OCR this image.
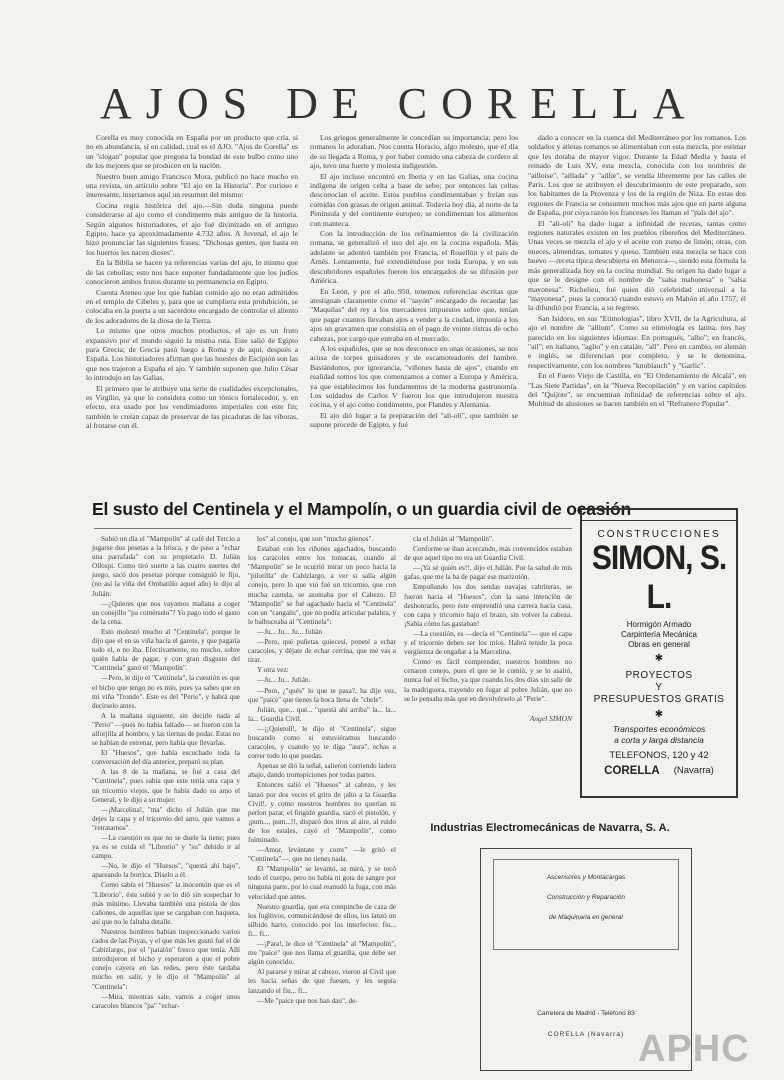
AJOS DE CORELLA

Corella es muy conocida en España por un producto que cría, si no en abundancia, sí en calidad, cual es el AJO. "Ajos de Corella" es un "slogan" popular que pregona la bondad de este bulbo como uno de los mejores que se producen en la nación.

Nuestro buen amigo Francisco Mora, publicó no hace mucho en una revista, un artículo sobre "El ajo en la Historia". Por curioso e interesante, insertamos aquí un resumen del mismo:

Cocina regia histórica del ajo.—Sin duda ninguna puede considerarse al ajo como el condimento más antiguo de la historia. Según algunos historiadores, el ajo fué divinizado en el antiguo Egipto, hace ya aproximadamente 4.732 años. A Juvenal, el ajo le hizo pronunciar las siguientes frases: "Dichosas gentes, que hasta en los huertos les nacen dioses".

En la Biblia se hacen ya referencias varias del ajo, lo mismo que de las cebollas; esto nos hace suponer fundadamente que los judíos conocieron ambos frutos durante su permanencia en Egipto.

Cuenta Ateneo que los que habían comido ajo no eran admitidos en el templo de Cibeles y, para que se cumpliera esta prohibición, se colocaba en la puerta a un sacerdote encargado de controlar el aliento de los adoradores de la diosa de la Tierra.

Lo mismo que otros muchos productos, el ajo es un fruto expansivo por el mundo siguió la misma ruta. Este salió de Egipto para Grecia; de Grecia pasó luego a Roma y de aquí, después a España. Los historiadores afirman que las huestes de Escipión son las que nos trajeron a España el ajo. Y también suponen que Julio César lo introdujo en las Galias.

El primero que le atribuye una serie de cualidades excepcionales, es Virgilio, ya que lo considera como un tónico fortalecedor, y, en efecto, era usado por los vendimiadores imperiales con este fin; también le creían capaz de preservar de las picaduras de las víboras, al frotarse con él.

Los griegos generalmente le concedían su importancia; pero los romanos lo adoraban. Nos cuenta Horacio, algo molesto, que el día de su llegada a Roma, y por haber comido una cabeza de cordero al ajo, tuvo una fuerte y molesta indigestión.

El ajo incluso encontró en Iberia y en las Galias, una cocina indígena de origen celta a base de sebo; por entonces las celtas desconocían el aceite. Estos pueblos condimentaban y freían sus comidas con grasas de origen animal. Todavía hoy día, al norte de la Península y del continente europeo, se condimentan los alimentos con manteca.

Con la introducción de los refinamientos de la civilización romana, se generalizó el uso del ajo en la cocina española. Más adelante se adentró también por Francia, el Rosellón y el país de Arnés. Lentamente, fué extendiéndose por toda Europa, y en sus descubridores españoles fueron los encargados de su difusión por América.

En León, y por el año 950, tenemos referencias escritas que atestiguan claramente como el "sayón" encargado de recaudar las "Maquilas" del rey a los mercaderes impuestos sobre que, tenían que pagar cuantos llevaban ajos a vender a la ciudad, imponía a los ajos un gravamen que consistía en el pago de veinte ristras de ocho cabezas, por cargo que entraba en el mercado.

A los españoles, que se nos desconoce en unas ocasiones, se nos acusa de torpes guisadores y de escamoteadores del hambre. Bastándonos, por ignorancia, "viñones hasta de ajos", cuando en realidad somos los que comenzamos a comer a Europa y América, ya que establecimos los fundamentos de la moderna gastronomía. Los soldados de Carlos V fueron los que introdujeron nuestra cocina, y el ajo como condimento, por Flandes y Alemania.

El ajo dió lugar a la preparación del "ali-oli", que también se supone procede de Egipto, y fué

dado a conocer en la cuenca del Mediterráneo por los romanos. Los soldados y atletas romanos se alimentaban con esta mezcla, por estimar que les dotaba de mayor vigor. Durante la Edad Media y hasta el reinado de Luis XV, esta mezcla, conocida con los nombres de "ailloise", "aillada" y "aillie", se vendía libremente por las calles de París. Los que se atribuyen el descubrimiento de este preparado, son los habitantes de la Provenza y los de la región de Niza. En estas dos regiones de Francia se consumen muchos más ajos que en parte alguna de España, por cuya razón los franceses les llaman el "país del ajo".

El "ali-oli" ha dado lugar a infinidad de recetas, tantas como regiones naturales existen en los pueblos ribereños del Mediterráneo. Unas veces se mezcla el ajo y el aceite con zumo de limón; otras, con nueces, almendras, tomates y queso. También esta mezcla se hace con huevo —receta típica descubierta en Menorca—, siendo esta fórmula la más generalizada hoy en la cocina mundial. Su origen ha dado lugar a que se le designe con el nombre de "salsa mahonesa" o "salsa mayonesa". Richelieu, fué quien dió celebridad universal a la "mayonesa", pues la conoció cuando estuvo en Mahón el año 1757; él la difundió por Francia, a su regreso.

San Isidoro, en sus "Etimologías", libro XVII, de la Agricultura, al ajo el nombre de "allium". Como su etimología es latina, nos hay parecido en los siguientes idiomas: En portugués, "alho"; en francés, "ail"; en italiano, "aglio" y en catalán, "all". Pero en cambio, en alemán e inglés, se diferencian por completo, y se le denomina, respectivamente, con los nombres "knoblauch" y "Garlic".

En el Fuero Viejo de Castilla, en "El Ordenamiento de Alcalá", en "Las Siete Partidas", en la "Nueva Recopilación" y en varios capítulos del "Quijote", se encuentran infinidad de referencias sobre el ajo. Multitud de alusiones se hacen también en el "Refranero Popular".

El susto del Centinela y el Mampolín, o un guardia civil de ocasión

Subió un día el "Mampolín" al café del Tercio a jugarse dos pesetas a la brisca, y de paso a "echar una parrafada" con su propietario D. Julián Ollospi. Como tiró suerte a las cuatro suertes del juego, sacó dos pesetas porque consiguió le fijo, (no así la viña del Ombatillo aquel año) le dijo al Julián:

—¿Quieres que nos vayamos mañana a coger un conejillo "pa comérselo"? Yo pago todo el gasto de la cena.

Esto molestó mucho al "Centinela", porque le dijo que el en su viña hacía el garete, y que pagaría todo el, o no iba. Efectivamente, no mucho, sobre quién había de pagar, y con gran disgusto del "Centinela" ganó el "Mampolín".

—Pero, le dijo el "Centinela", la cuestión es que el bicho que tengo no es mío, pues ya sabes que en mi viña "l'rondo". Este es del "Perio", y habrá que decírselo antes.

A la mañana siguiente, sin decirle nada al "Perio" —pues no había faltado— se fueron con la alforjilla al hombro, y las tiernas de podar. Estas no se habían de estrenar, pero había que llevarlas.

El "Huesos", que había escuchado toda la conversación del día anterior, preparó su plan.

A las 8 de la mañana, se fué a casa del "Centinela", pues sabía que este tenía una capa y un tricornio viejos, que le había dado su amo el General, y le dijo a su mujer:

—¡Marcelina!, "ma" dicho el Julián que me dejes la capa y el tricornio del amo, que vamos a "retratarnos".

—La cuestión es que no se duele la tiene; pues ya es se cuida el "Librorio" y "su" debido ir al campo.

—No, le dijo el "Huesos", "questá ahí bajo", apareando la borrica. Díselo a él.

Como sabía el "Huesos" la inocentón que es el "Librorio", éste subió y se lo dió sin sospechar lo más mínimo. Llevaba también una pistola de dos cañones, de aquellas que se cargaban con baqueta, así que no le faltaba detalle.

Nuestros hombres habían inspeccionado varios cados de las Poyas, y el que más les gustó fué el de Cabizlargo, por el "patalón" fresco que tenía. Allí introdujeron el bicho y esperaron a que el pobre conejo cayera en las redes, pero éste tardaba mucho en salir, y le dijo el "Mampolín" al "Centinela":

—Mira, mientras sale, vamos a coger unos caracoles blancos "pa" "echar-

los" al conejo, que son "mucho güenos".

Estaban con los riñones agachados, buscando los caracoles entre los tomacas, cuando al "Mampolín" se le ocurrió mirar un poco hacia la "pilotilla" de Cabizlargo, a ver si salía algún conejo, pero lo que vió fué un tricornio, que con mucha cautela, se asomaba por el Cabezo. El "Mampolín" se fué agachado hacia el "Centinela" con un "cangalis", que no podía articular palabra, y le balbuceaba al "Centinela":

—Ju... Ju... Ju... Julián

—Pero, qué puñetas quiecesi, poneté a echar caracoles, y déjate de echar cerrina, que me vas a tirar.

Y otra vez:

—Ju... Ju... Julián.

—Pero, ¿"qués" lo que te pasa?, ha dije vez, que "paice" que tienes la boca llena de "chele".

Julián, que... qué... "questá ahí arriba" la... la... la... Guardia Civil.

—¡¡Quietoll!, le dijo el "Centinela", sigue buscando como si estuviéramos buscando caracoles, y cuando yo te diga "aura", echas a correr todo lo que puedas.

Apenas se dió la señal, salieron corriendo ladera abajo, dando tromspiciones por todas partes.

Entonces salió el "Huesos" al cabezo, y les lanzó por dos veces el grito de ¡alto a la Guardia Civil!, y como nuestros hombres no querían ni perlon parar, el fingido guardia, sacó el pistolón, y ¡pum..., pum...!!, disparó dos tiros al aire, al ruido de los estales, cayó el "Mampolín", como fulminado.

—Amor, levántate y corre" —le gritó el "Centinela"—, que no tienes nada.

El "Mampolín" se levantó, se miró, y se tocó todo el cuerpo, pero no había ni gota de sangre por ninguna parte, por lo cual reanudó la fuga, con más velocidad que antes.

Nuestro guardia, que era compinche de caza de los fugitivos, comunicándose de ellos, los lanzó un silbido harto, conocido por los interfectos: fiu... fi... fi...

—¡Para!, le dice el "Centinela" al "Mampolín", me "paice" que nos llama el guardia, que debe ser algún conocido.

Al pararse y mirar al cabezo, vieron al Civil que les hacía señas de que fuesen, y les seguía lanzando el fiu... fi...

—Me "paice que nos han dau", de-

cía el Julián al "Mampolín".

Conforme se iban acercando, más convencidos estaban de que aquel tipo no era un Guardia Civil.

—¡Ya sé quién es!!, dijo el Julián. Por la salud de mis gafas, que me la ha de pagar ese marizotón.

Empuñando los dos sendas navajas cabriteras, se fueron hacia el "Huesos", con la sana intención de deshonrarlo, pero éste emprendió una carrera hacia casa, con capa y tricornio bajo el brazo, sin volver la cabeza. ¡Sabía cómo las gastaban!

—La cuestión, es —decía el "Centinela"— que el capa y el tricornio deben ser los míos. Habrá tenido la poca vergüenza de engañar a la Marcelina.

Como es fácil comprender, nuestros hombres no cenaron conejo, pues el que se le comió, y se lo asaltó, nunca fué el bicho, ya que cuando los dos dias sin salir de la madriguera, trayendo en fugar al pobre Julián, que no se lo pensaba más que en devolvérselo al "Perie".

Angel SIMON
CONSTRUCCIONES
SIMON, S. L.
Hormigón Armado
Carpintería Mecánica
Obras en general
✱
PROYECTOS
Y
PRESUPUESTOS GRATIS
✱
Transportes económicos
a corta y larga distancia
TELEFONOS, 120 y 42
CORELLA (Navarra)
Industrias Electromecánicas de Navarra, S. A.
Ascensores y Montacargas
Construcción y Reparación
de Maquinaria en general
Carretera de Madrid - Teléfono 83
CORELLA (Navarra) APHC
